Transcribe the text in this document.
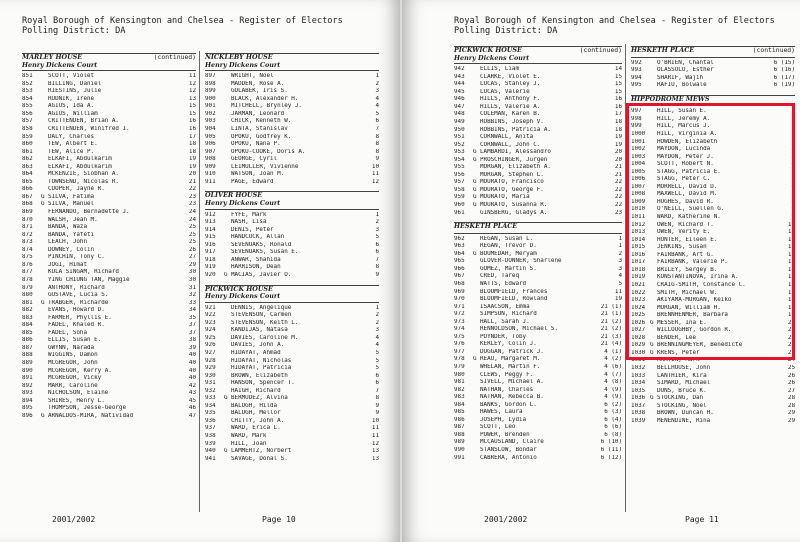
Royal Borough of Kensington and Chelsea - Register of Electors
Polling District: DA
MARLEY HOUSE	(continued)
Henry Dickens Court
851	SCOTT, Violet	11
852	BILLING, Daniel	12
853	RIESTINS, Julie	12
854	RUDNIK, Irene	13
855	AGIUS, Ida A.	15
856	AGIUS, William	15
857	CRITTENDEN, Brian A.	16
858	CRITTENDEN, Winifred I.	16
859	DALY, Charles	17
860	TEW, Albert E.	18
861	TEW, Alice P.	18
862	ELKAFI, Abdulkarim	19
863	ELKAFI, Abdulkarim	19
864	MCKENZIE, Siobhan A.	20
865	TOWNSEND, Nicolas R.	21
866	COOPER, Jayne R.	22
867	G SILVA, Fatima	23
868	G SILVA, Manuel	23
869	FERNANDO, Bernadette J.	24
870	WALSH, Jean M.	24
871	BANDA, Waza	25
872	BANDA, Yafeti	25
873	LEACH, John	25
874	DOWNEY, Colin	26
875	PINCHIN, Tony C.	27
876	JOGI, Himat	29
877	KULA SINGAM, Richard	30
878	YING CHIUNG TAN, Maggie	30
879	ANTHONY, Richard	31
880	GUSTAVE, Lucia S.	32
881	G TRABGER, Richarde	33
882	EVANS, Howard D.	34
883	FARMER, Phyllis E.	35
884	FADEL, Khaled R.	37
885	FADEL, Soha	37
886	ELLIS, Susan E.	38
887	GWYNN, Narada	39
888	WIGGINS, Damon	40
889	MCGREGOR, John	40
890	MCGREGOR, Kerry A.	40
891	MCGREGOR, Vicky	40
892	MARR, Caroline	42
893	NICHOLSON, Elaine	43
894	SHIRES, Henry L.	45
895	THOMPSON, Jesse-George	46
896	G ARNALDOS-MIRA, Natividad	47
NICKLEBY HOUSE
Henry Dickens Court
897	WRIGHT, Noel	1
898	MADDEN, Rose A.	2
899	GOLABEK, Iris S.	3
900	BLACK, Alexander H.	4
901	MITCHELL, Brynley J.	4
902	JARMAN, Leonard	5
903	CHICK, Kenneth W.	6
904	LINTA, Stanislav	7
905	OPOKU, Godfrey K.	8
906	OPOKU, Nana P.	8
907	OPOKU-COOKE, Doris A.	8
908	GEORGE, Cyril	9
909	LEIMULLER, Vivienne	10
910	WATSON, Joan M.	11
911	PAGE, Edward	12
OLIVER HOUSE
Henry Dickens Court
912	FYFE, Mark	1
913	NASH, Lisa	2
914	DENIS, Peter	3
915	HANDCOCK, Allan	5
916	SEVENOAKS, Ronald	6
917	SEVENOAKS, Susan E.	6
918	ANWAR, Shahida	7
919	HARRISON, Dean	8
920	G MACIAS, Javier O.	9
PICKWICK HOUSE
Henry Dickens Court
921	DENNIS, Angelique	1
922	STEVENSON, Carmen	2
923	STEVENSON, Keith L.	2
924	KANDIJAS, Natasa	3
925	DAVIES, Caroline M.	4
926	DAVIES, John A.	4
927	HIDAYAT, Ahmad	5
928	HIDAYAT, Nicholas	5
929	HIDAYAT, Patricia	5
930	BROWN, Elizabeth	6
931	HANSON, Spencer T.	6
932	HAIGH, Richard	7
933	G BERMUDEZ, Alvina	8
934	BALOGH, Hilda	9
935	BALOGH, Mellor	9
936	CHITTY, John A.	10
937	WARD, Erica L.	11
938	WARD, Mark	11
939	HILL, Joan	12
940	G LAMMERTZ, Norbert	13
941	SAVAGE, Donal S.	13
2001/2002	Page 10
Royal Borough of Kensington and Chelsea - Register of Electors
Polling District: DA
PICKWICK HOUSE	(continued)
Henry Dickens Court
942	ELLIS, Liam	14
943	CLARKE, Violet E.	15
944	LUCAS, Stanley J.	15
945	LUCAS, Valerie	15
946	HILLS, Anthony F.	16
947	HILLS, Valerie A.	16
948	COLEMAN, Karen B.	17
949	ROBBINS, Joseph V.	18
950	ROBBINS, Patricia A.	18
951	CORNWALL, Anita	19
952	CORNWALL, John C.	19
953	G LAMBARDI, Alessandro	20
954	G PROSCHINGER, Jurgen	20
955	MORGAN, Elizabeth A.	21
956	MORGAN, Stephen L.	21
957	G MOURATO, Francisco	22
958	G MOURATO, George F.	22
959	G MOURATO, Maria	22
960	G MOURATO, Susanna R.	22
961	GINSBERG, Gladys A.	23
HESKETH PLACE
962	REGAN, Susan L.	1
963	REGAN, Trevor D.	1
964	G BOUMEDAH, Meryam	2
965	GLOVER-DONNER, Sharlene	3
966	GOMEZ, Martin S.	3
967	CRED, Tareq	4
968	WATTS, Edward	5
969	BLOOMFIELD, Frances	11
970	BLOOMFIELD, Rowland	19
971	ISAACSON, Emma	21 (1)
972	SIMPSON, Richard	21 (1)
973	HALL, Sarah J.	21 (2)
974	RENNOLDSON, Michael S.	21 (2)
975	POYNDER, Toby	21 (3)
976	KERLEY, Colin J.	21 (4)
977	DUGGAN, Patrick J.	4 (1)
978	G REAU, Margaret M.	4 (2)
979	WHELAN, Martin F.	4 (6)
980	CLEWS, Peggy F.	4 (7)
981	SIVELL, Michael A.	4 (8)
982	NATHAN, Charles	4 (9)
983	NATHAN, Rebecca B.	4 (9)
984	BANKS, Gordon L.	6 (2)
985	HAWES, Laura	6 (3)
986	JOSEPH, Lydia	6 (4)
987	SCOTT, Leo	6 (6)
988	POWER, Brenden	6 (8)
989	MCCAUSLAND, Claire	6 (10)
990	STANSLOW, Bondar	6 (11)
991	CABRERA, Antonio	6 (12)
HESKETH PLACE	(continued)
992	O'BRIEN, Chantal	6 (15)
993	OLASSOLO, Esther	6 (16)
994	SHARIF, Wajih	6 (17)
995	RAFIU, Bolwale	6 (19)
HIPPODROME MEWS
997	HILL, Susan E.	1
998	HILL, Jeremy A.	1
999	HILL, Marcus J.	1
1000	HILL, Virginia A.	1
1001	HOWDEN, Elizabeth	2
1002	MAYDON, Lucinda	3
1003	MAYDON, Peter J.	3
1004	SCOTT, Robert N.	4
1005	STAGG, Patricia E.	5
1006	STAGG, Peter C.	5
1007	MORRELL, David D.	6
1008	MAXWELL, David M.	7
1009	HUGHES, David R.	8
1010	O'NEILL, Suellen G.	9
1011	WARD, Katherine N.	9
1012	OWEN, Richard T.	10
1013	OWEN, Verity E.	10
1014	HUNTER, Eileen E.	11
1015	JENKINS, Susan	12
1016	FAIRBANK, Art G.	13
1017	FAIRBANK, Valerie P.	13
1018	BRILEY, Sergey B.	14
1019	KONSTANTINOVA, Irina A.	15
1021	CRAIG-SMITH, Constance C.	17
1022	SMITH, Michael W.	17
1023	AKIYAMA-MORGAN, Keiko	18
1024	MORGAN, William H.	18
1025	BRENNHENMER, Barbara	19
1026 G MESSER, Ina E.	20
1027	WILLOUGHBY, Gordon R.	21
1028	BENDER, Lee	22
1029 G BRENNINGMEYER, Benedicte	22
1030 G KRENS, Peter	23
1031	MARTIN, Mark	24
1032	BELLHOUSE, John	25
1033	LANTHIER, Kira	26
1034	SIMARD, Michael	26
1035	DUNS, Bruce K.	27
1036 G STOCKING, Dan	28
1037	STOCKING, Noel	28
1038	BROWN, Duncan H.	29
1039	MENENDINE, Rina	29
2001/2002	Page 11
